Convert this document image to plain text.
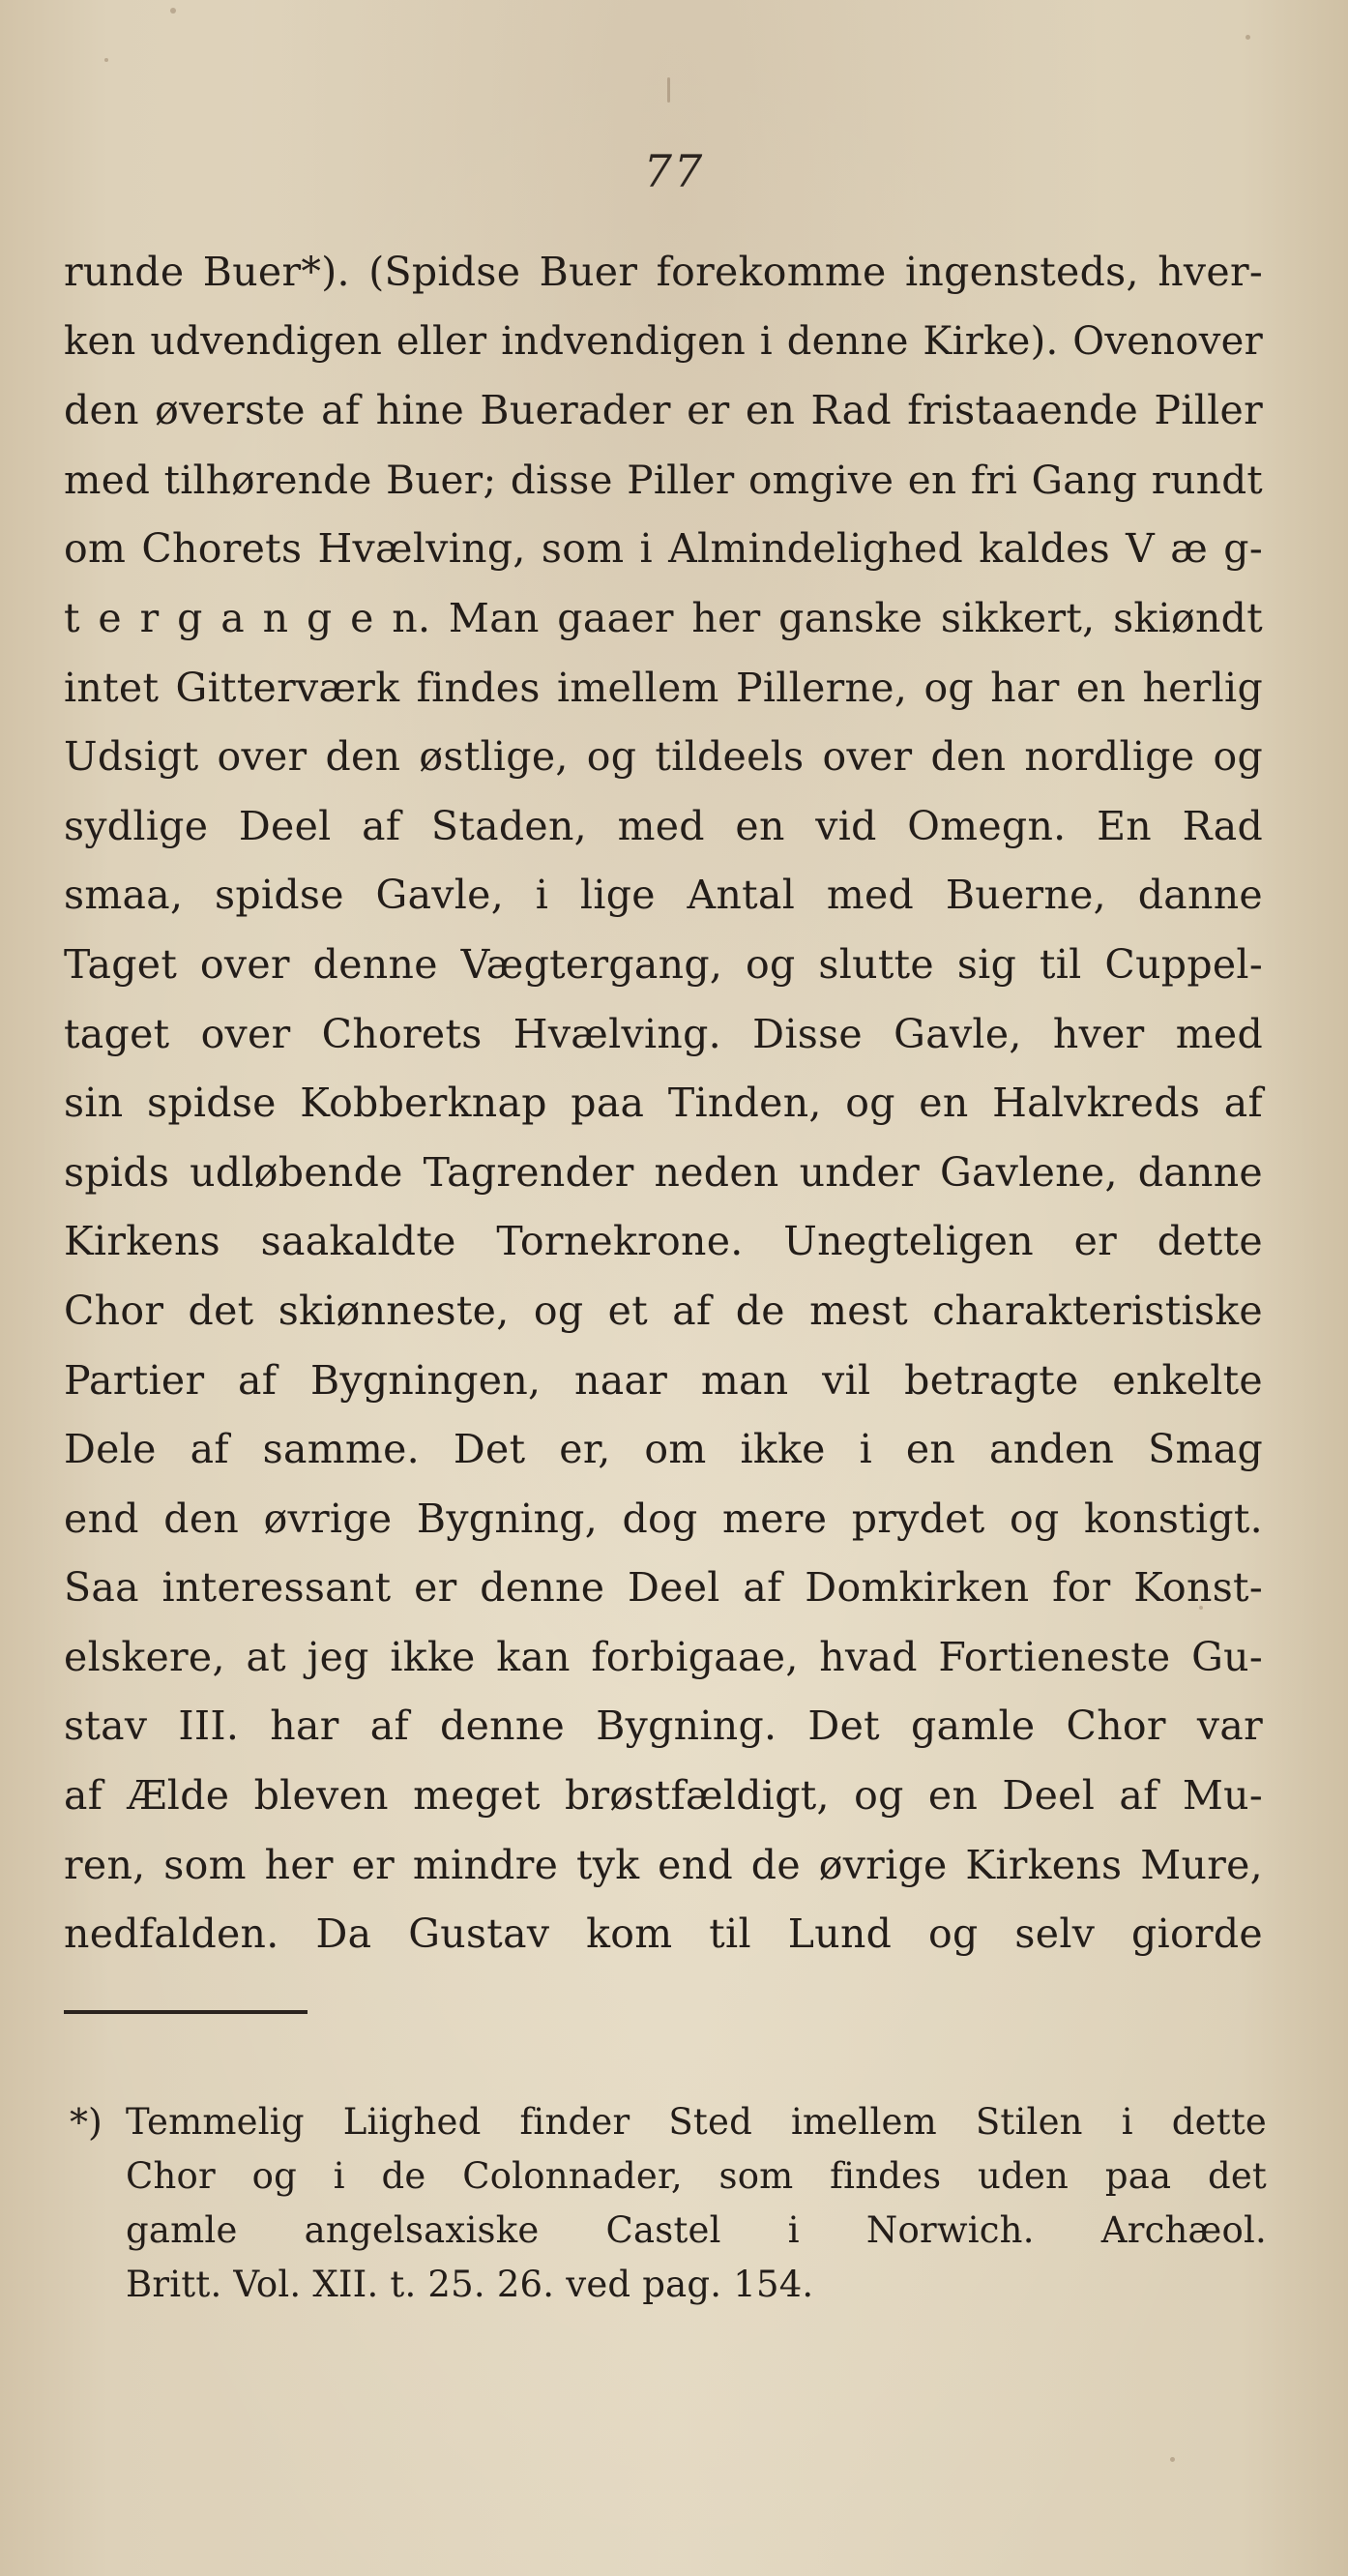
77
runde Buer*). (Spidse Buer forekomme ingensteds, hver-
ken udvendigen eller indvendigen i denne Kirke). Ovenover
den øverste af hine Buerader er en Rad fristaaende Piller
med tilhørende Buer; disse Piller omgive en fri Gang rundt
om Chorets Hvælving, som i Almindelighed kaldes V æ g-
t e r g a n g e n. Man gaaer her ganske sikkert, skiøndt
intet Gitterværk findes imellem Pillerne, og har en herlig
Udsigt over den østlige, og tildeels over den nordlige og
sydlige Deel af Staden, med en vid Omegn. En Rad
smaa, spidse Gavle, i lige Antal med Buerne, danne
Taget over denne Vægtergang, og slutte sig til Cuppel-
taget over Chorets Hvælving. Disse Gavle, hver med
sin spidse Kobberknap paa Tinden, og en Halvkreds af
spids udløbende Tagrender neden under Gavlene, danne
Kirkens saakaldte Tornekrone. Unegteligen er dette
Chor det skiønneste, og et af de mest charakteristiske
Partier af Bygningen, naar man vil betragte enkelte
Dele af samme. Det er, om ikke i en anden Smag
end den øvrige Bygning, dog mere prydet og konstigt.
Saa interessant er denne Deel af Domkirken for Konst-
elskere, at jeg ikke kan forbigaae, hvad Fortieneste Gu-
stav III. har af denne Bygning. Det gamle Chor var
af Ælde bleven meget brøstfældigt, og en Deel af Mu-
ren, som her er mindre tyk end de øvrige Kirkens Mure,
nedfalden. Da Gustav kom til Lund og selv giorde
*) Temmelig Liighed finder Sted imellem Stilen i dette
Chor og i de Colonnader, som findes uden paa det
gamle angelsaxiske Castel i Norwich. Archæol.
Britt. Vol. XII. t. 25. 26. ved pag. 154.
